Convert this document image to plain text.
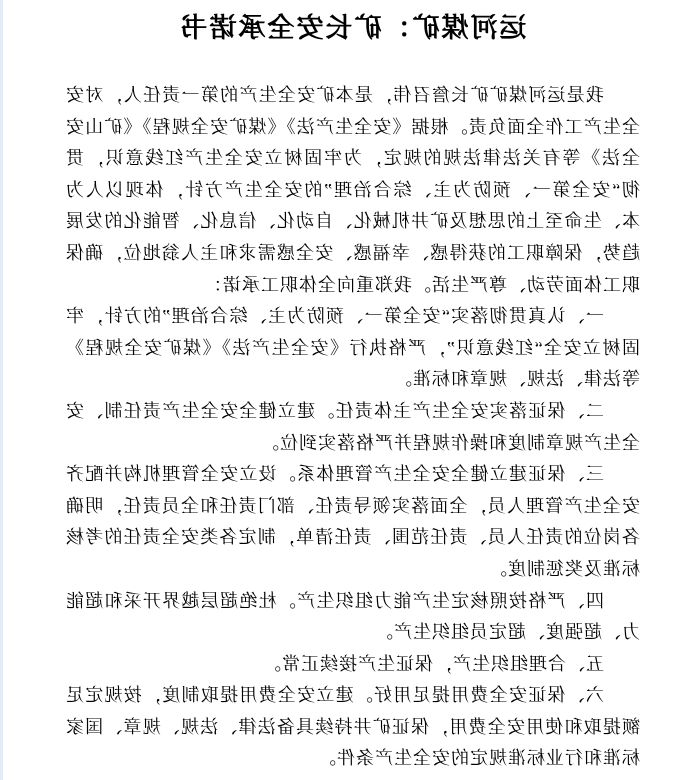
运河煤矿：矿长安全承诺书

我是运河煤矿矿长詹召伟，是本矿安全生产的第一责任人，对安全生产工作全面负责。根据《安全生产法》《煤矿安全规程》《矿山安全法》等有关法律法规的规定，为牢固树立安全生产红线意识，贯彻“安全第一、预防为主、综合治理”的安全生产方针，体现以人为本、生命至上的思想及矿井机械化、自动化、信息化、智能化的发展趋势，保障职工的获得感、幸福感、安全感需求和主人翁地位，确保职工体面劳动、尊严生活。我郑重向全体职工承诺：

一、认真贯彻落实“安全第一、预防为主、综合治理”的方针，牢固树立安全“红线意识”，严格执行《安全生产法》《煤矿安全规程》等法律、法规、规章和标准。

二、保证落实安全生产主体责任。建立健全安全生产责任制、安全生产规章制度和操作规程并严格落实到位。

三、保证建立健全安全生产管理体系。设立安全管理机构并配齐安全生产管理人员，全面落实领导责任、部门责任和全员责任，明确各岗位的责任人员、责任范围、责任清单，制定各类安全责任的考核标准及奖惩制度。

四、严格按照核定生产能力组织生产。杜绝超层越界开采和超能力、超强度、超定员组织生产。

五、合理组织生产，保证生产接续正常。

六、保证安全费用提足用好。建立安全费用提取制度，按规定足额提取和使用安全费用，保证矿井持续具备法律、法规、规章、国家标准和行业标准规定的安全生产条件。
